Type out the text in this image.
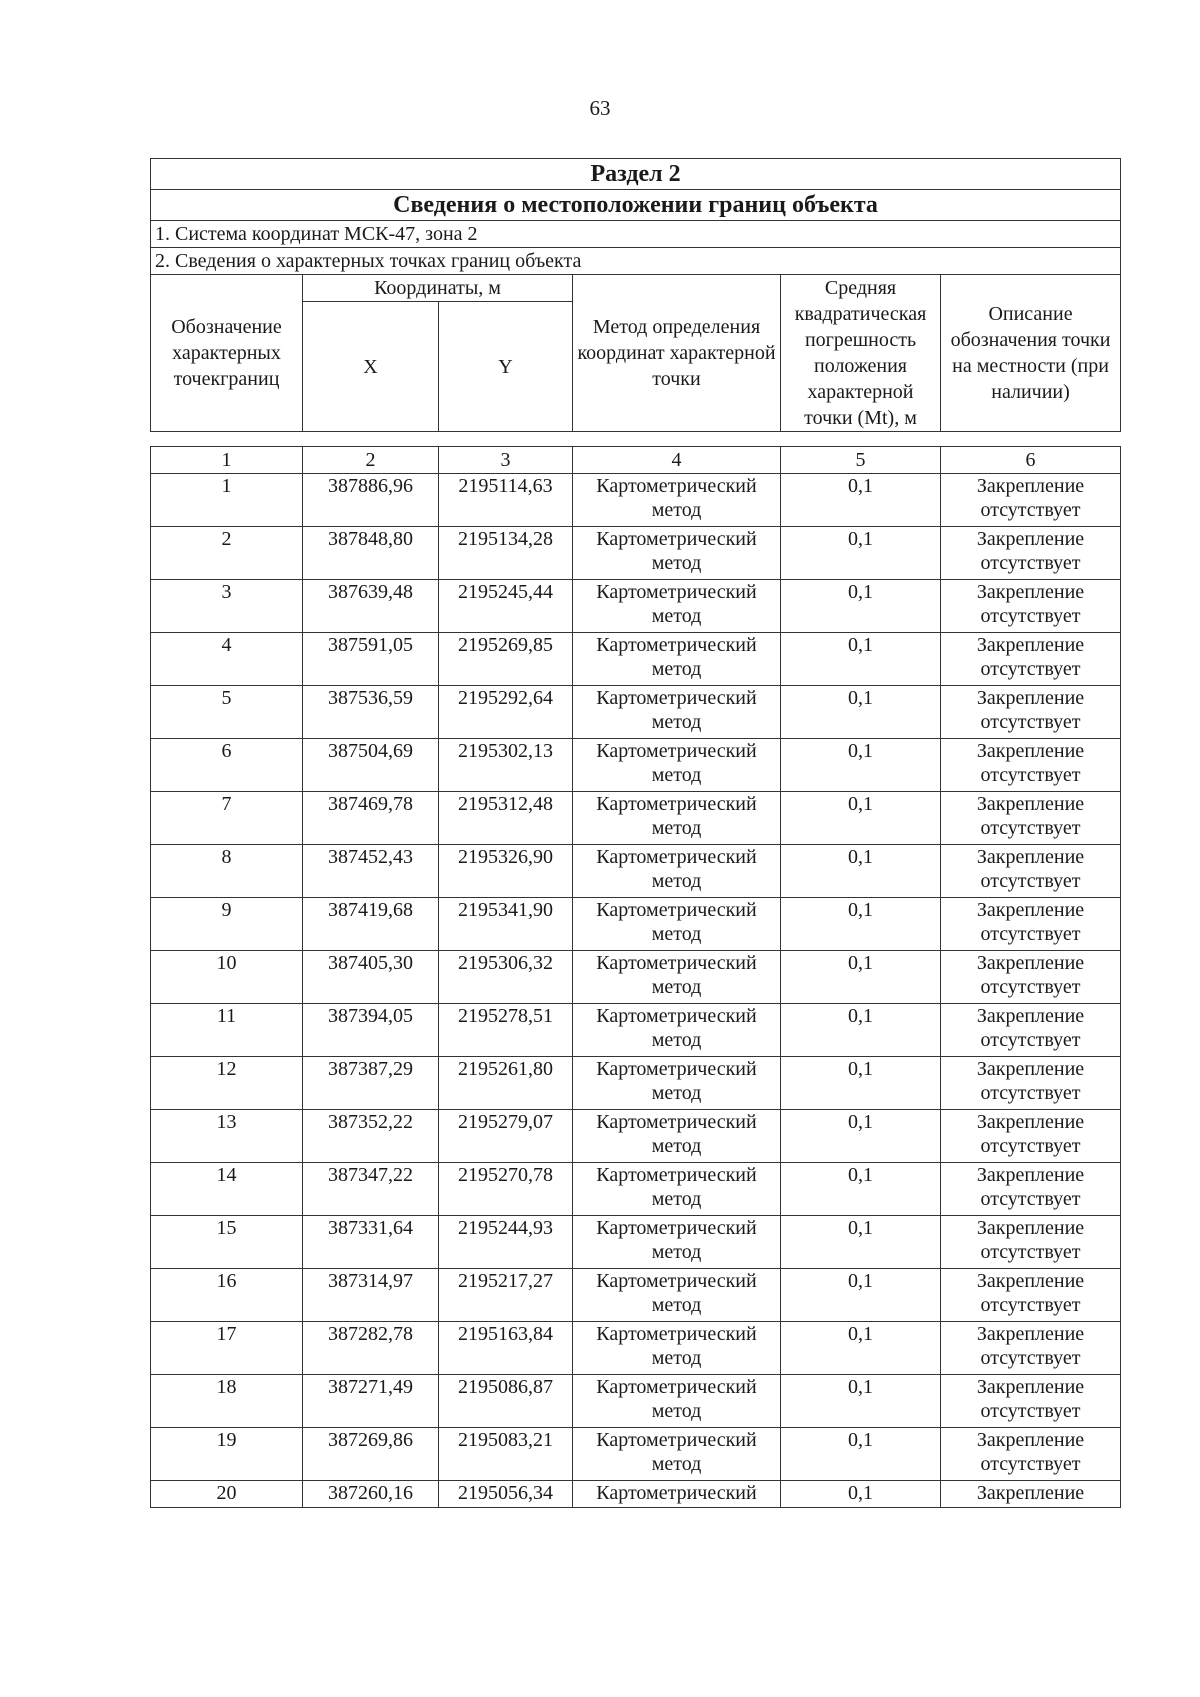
63
Раздел 2					
Сведения о местоположении границ объекта					
1. Система координат МСК-47, зона 2					
2. Сведения о характерных точках границ объекта					
Обозначение характерных точекграниц	Координаты, м		Метод определения координат характерной точки	Средняя квадратическая погрешность положения характерной точки (Mt), м	Описание обозначения точки на местности (при наличии)
	X	Y			
1	2	3	4	5	6
1	387886,96	2195114,63	Картометрический метод	0,1	Закрепление отсутствует
2	387848,80	2195134,28	Картометрический метод	0,1	Закрепление отсутствует
3	387639,48	2195245,44	Картометрический метод	0,1	Закрепление отсутствует
4	387591,05	2195269,85	Картометрический метод	0,1	Закрепление отсутствует
5	387536,59	2195292,64	Картометрический метод	0,1	Закрепление отсутствует
6	387504,69	2195302,13	Картометрический метод	0,1	Закрепление отсутствует
7	387469,78	2195312,48	Картометрический метод	0,1	Закрепление отсутствует
8	387452,43	2195326,90	Картометрический метод	0,1	Закрепление отсутствует
9	387419,68	2195341,90	Картометрический метод	0,1	Закрепление отсутствует
10	387405,30	2195306,32	Картометрический метод	0,1	Закрепление отсутствует
11	387394,05	2195278,51	Картометрический метод	0,1	Закрепление отсутствует
12	387387,29	2195261,80	Картометрический метод	0,1	Закрепление отсутствует
13	387352,22	2195279,07	Картометрический метод	0,1	Закрепление отсутствует
14	387347,22	2195270,78	Картометрический метод	0,1	Закрепление отсутствует
15	387331,64	2195244,93	Картометрический метод	0,1	Закрепление отсутствует
16	387314,97	2195217,27	Картометрический метод	0,1	Закрепление отсутствует
17	387282,78	2195163,84	Картометрический метод	0,1	Закрепление отсутствует
18	387271,49	2195086,87	Картометрический метод	0,1	Закрепление отсутствует
19	387269,86	2195083,21	Картометрический метод	0,1	Закрепление отсутствует
20	387260,16	2195056,34	Картометрический	0,1	Закрепление
